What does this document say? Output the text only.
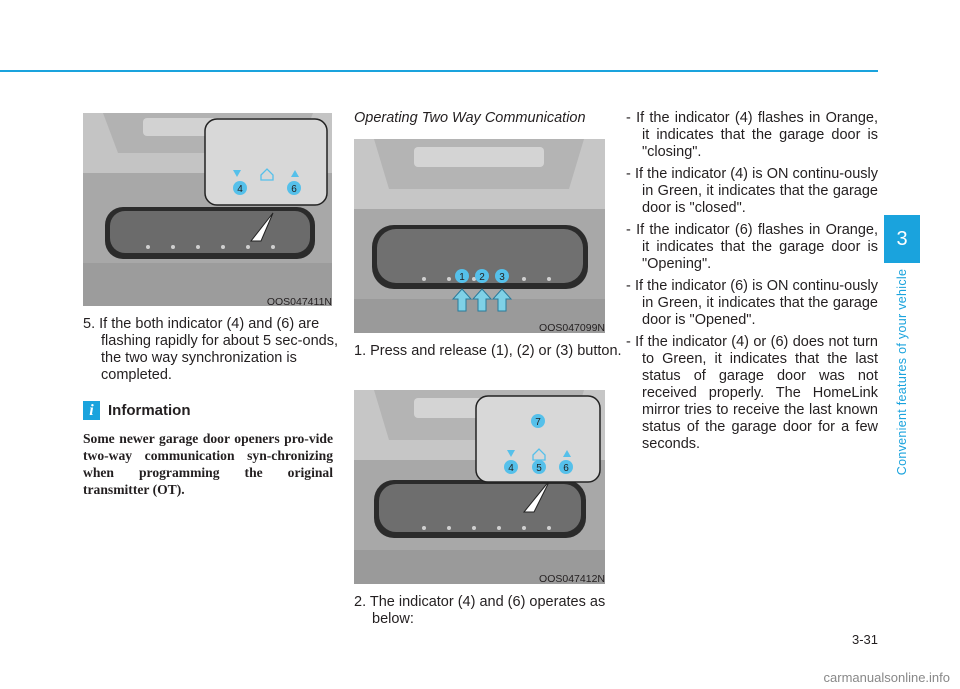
3
Convenient features of your vehicle
4	6
OOS047411N
5. If the both indicator (4) and (6) are flashing rapidly for about 5 sec-onds, the two way synchronization is completed.
i Information
Some newer garage door openers pro-vide two-way communication syn-chronizing when programming the original transmitter (OT).
Operating Two Way Communication
1 2 3
OOS047099N
1. Press and release (1), (2) or (3) button.
7
4 5 6
OOS047412N
2. The indicator (4) and (6) operates as below:
- If the indicator (4) flashes in Orange, it indicates that the garage door is "closing".
- If the indicator (4) is ON continu-ously in Green, it indicates that the garage door is "closed".
- If the indicator (6) flashes in Orange, it indicates that the garage door is "Opening".
- If the indicator (6) is ON continu-ously in Green, it indicates that the garage door is "Opened".
- If the indicator (4) or (6) does not turn to Green, it indicates that the last status of garage door was not received properly. The HomeLink mirror tries to receive the last known status of the garage door for a few seconds.
3-31
carmanualsonline.info
